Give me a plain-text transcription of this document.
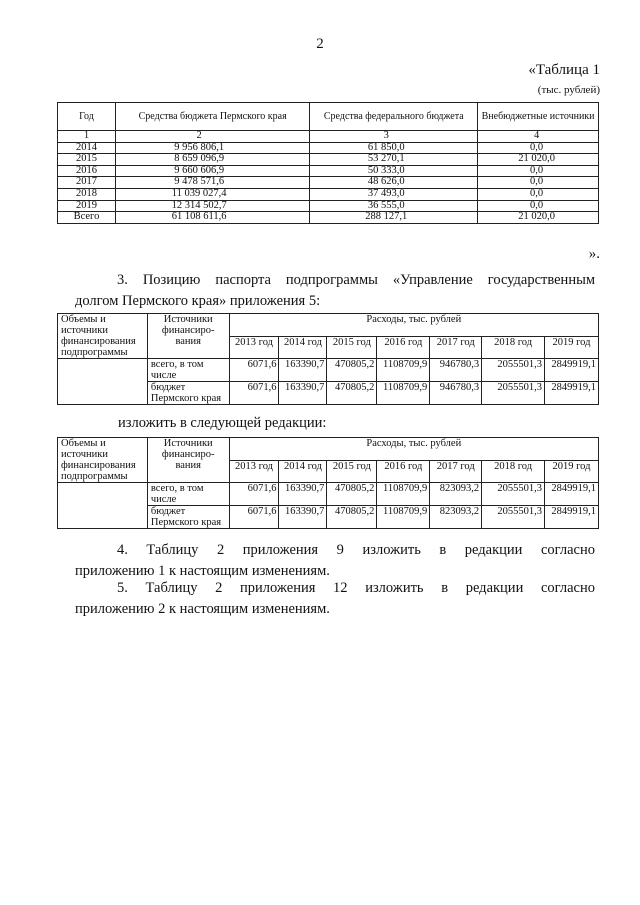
2
«Таблица 1
(тыс. рублей)
Год	Средства бюджета Пермского края	Средства федерального бюджета	Внебюджетные источники
1	2	3	4
2014	9 956 806,1	61 850,0	0,0
2015	8 659 096,9	53 270,1	21 020,0
2016	9 660 606,9	50 333,0	0,0
2017	9 478 571,6	48 626,0	0,0
2018	11 039 027,4	37 493,0	0,0
2019	12 314 502,7	36 555,0	0,0
Всего	61 108 611,6	288 127,1	21 020,0
».
3. Позицию паспорта подпрограммы «Управление государственным
долгом Пермского края» приложения 5:
Объемы и источники финансирования подпрограммы	Источники финансиро-вания	Расходы, тыс. рублей						
		2013 год	2014 год	2015 год	2016 год	2017 год	2018 год	2019 год
	всего, в том числе	6071,6	163390,7	470805,2	1108709,9	946780,3	2055501,3	2849919,1
	бюджет Пермского края	6071,6	163390,7	470805,2	1108709,9	946780,3	2055501,3	2849919,1
изложить в следующей редакции:
Объемы и источники финансирования подпрограммы	Источники финансиро-вания	Расходы, тыс. рублей						
		2013 год	2014 год	2015 год	2016 год	2017 год	2018 год	2019 год
	всего, в том числе	6071,6	163390,7	470805,2	1108709,9	823093,2	2055501,3	2849919,1
	бюджет Пермского края	6071,6	163390,7	470805,2	1108709,9	823093,2	2055501,3	2849919,1
4. Таблицу 2 приложения 9 изложить в редакции согласно
приложению 1 к настоящим изменениям.
5. Таблицу 2 приложения 12 изложить в редакции согласно
приложению 2 к настоящим изменениям.
